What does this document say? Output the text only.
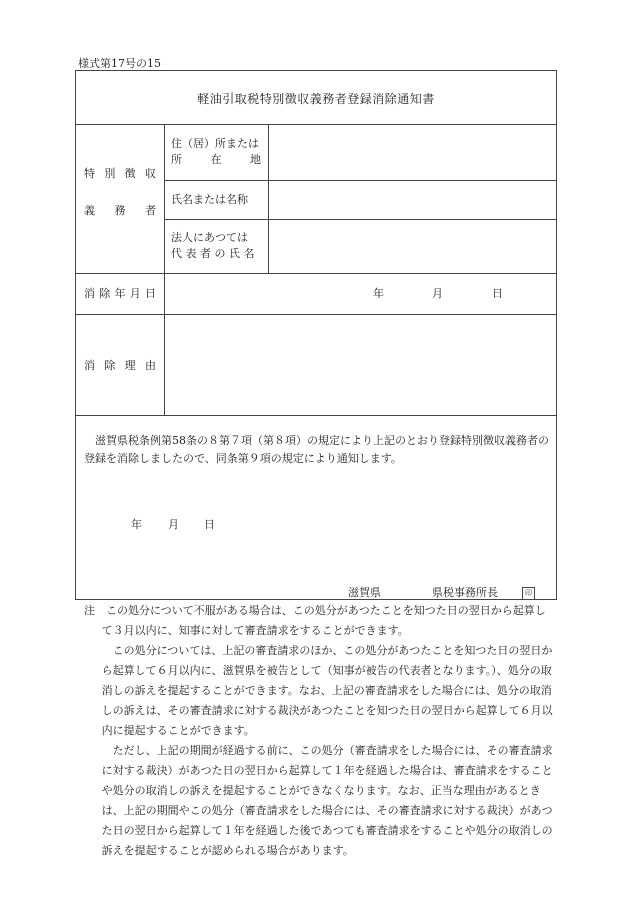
様式第17号の15
軽油引取税特別徴収義務者登録消除通知書
特 別 徴 収
義 務 者
住（居）所または
所	在	地
氏名または名称
法人にあつては
代 表 者 の 氏 名
消 除 年 月 日	年	月	日
消 除 理 由
滋賀県税条例第58条の８第７項（第８項）の規定により上記のとおり登録特別徴収義務者の登録を消除しましたので、同条第９項の規定により通知します。
年 月 日
滋賀県	県税事務所長	印

注　この処分について不服がある場合は、この処分があつたことを知つた日の翌日から起算して３月以内に、知事に対して審査請求をすることができます。

この処分については、上記の審査請求のほか、この処分があつたことを知つた日の翌日から起算して６月以内に、滋賀県を被告として（知事が被告の代表者となります。）、処分の取消しの訴えを提起することができます。なお、上記の審査請求をした場合には、処分の取消しの訴えは、その審査請求に対する裁決があつたことを知つた日の翌日から起算して６月以内に提起することができます。

ただし、上記の期間が経過する前に、この処分（審査請求をした場合には、その審査請求に対する裁決）があつた日の翌日から起算して１年を経過した場合は、審査請求をすることや処分の取消しの訴えを提起することができなくなります。なお、正当な理由があるときは、上記の期間やこの処分（審査請求をした場合には、その審査請求に対する裁決）があつた日の翌日から起算して１年を経過した後であつても審査請求をすることや処分の取消しの訴えを提起することが認められる場合があります。
